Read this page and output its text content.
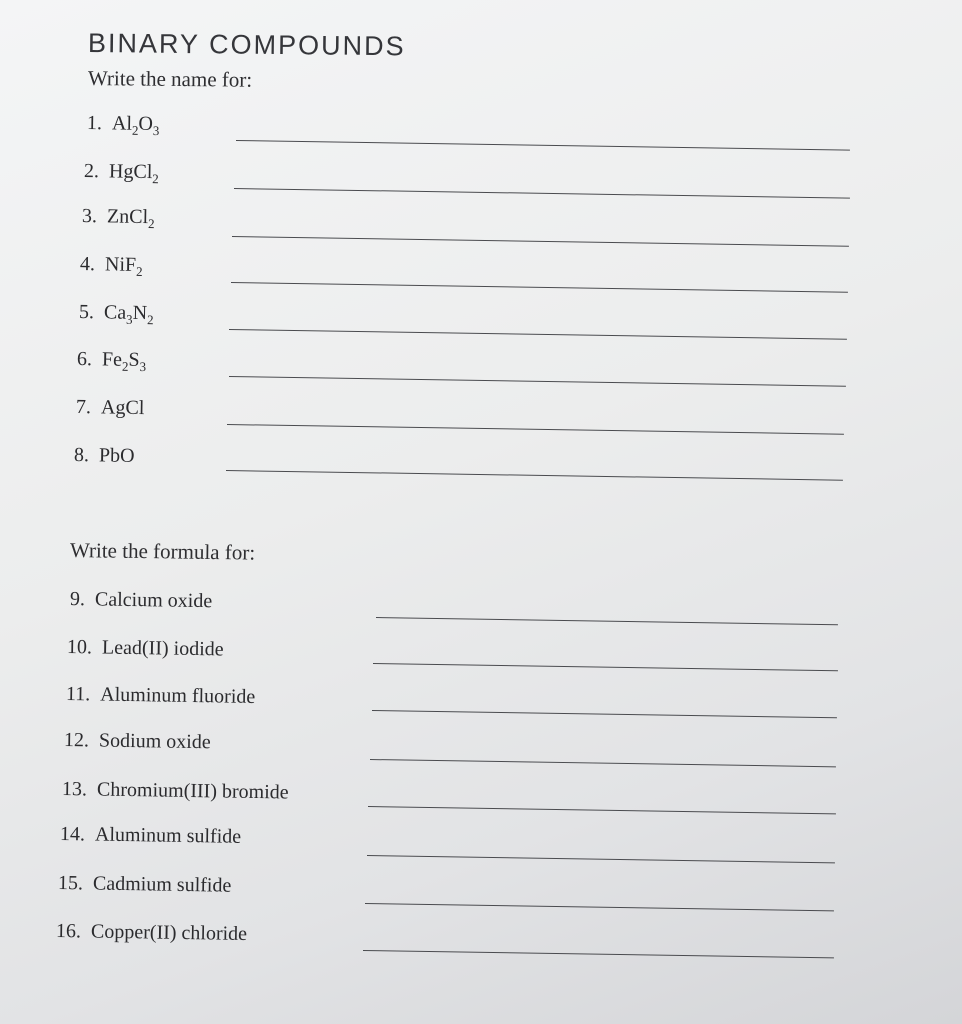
BINARY COMPOUNDS
Write the name for:
1. $Al_2O_3$
2. HgCl$_2$
3. ZnCl$_2$
4. NiF$_2$
5. $Ca_3N_2$
6. $Fe_2S_3$
7. AgCl
8. PbO
Write the formula for:
9. Calcium oxide
10. Lead(II) iodide
11. Aluminum fluoride
12. Sodium oxide
13. Chromium(III) bromide
14. Aluminum sulfide
15. Cadmium sulfide
16. Copper(II) chloride
